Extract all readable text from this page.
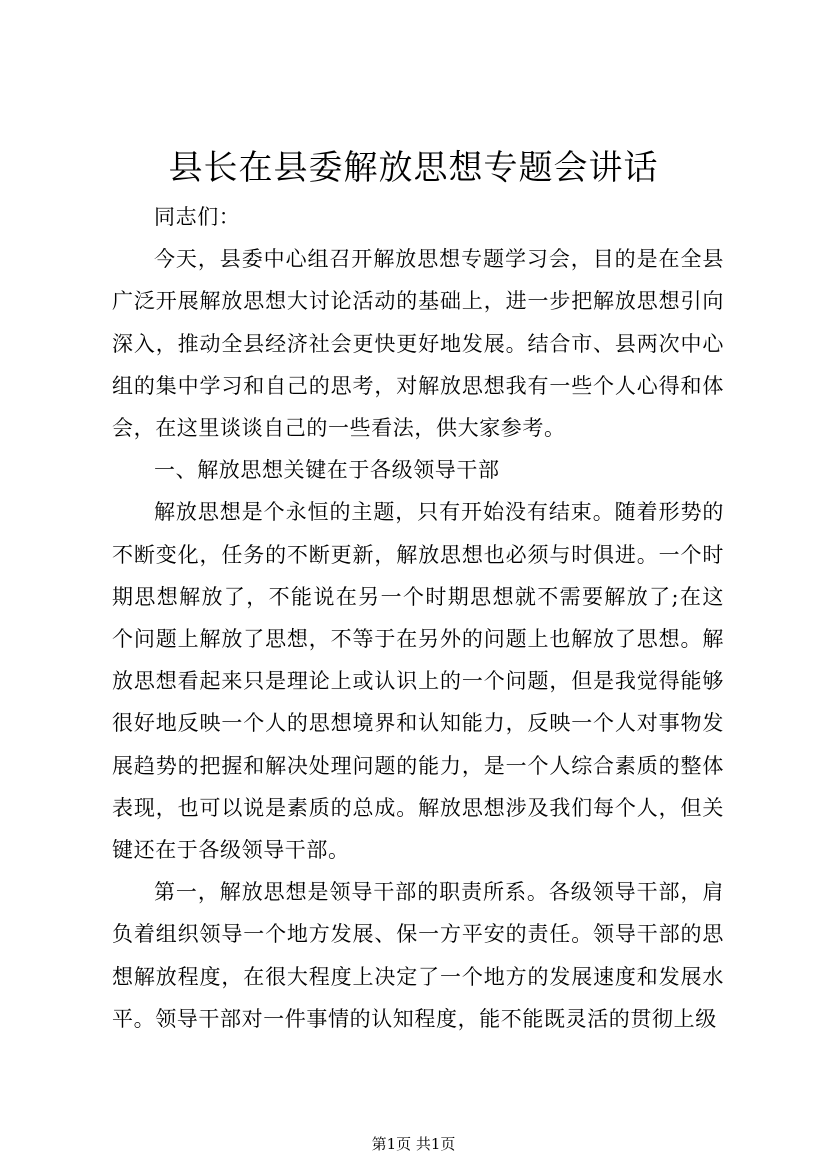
县长在县委解放思想专题会讲话

同志们：

今天，县委中心组召开解放思想专题学习会，目的是在全县广泛开展解放思想大讨论活动的基础上，进一步把解放思想引向深入，推动全县经济社会更快更好地发展。结合市、县两次中心组的集中学习和自己的思考，对解放思想我有一些个人心得和体会，在这里谈谈自己的一些看法，供大家参考。

一、解放思想关键在于各级领导干部

解放思想是个永恒的主题，只有开始没有结束。随着形势的不断变化，任务的不断更新，解放思想也必须与时俱进。一个时期思想解放了，不能说在另一个时期思想就不需要解放了;在这个问题上解放了思想，不等于在另外的问题上也解放了思想。解放思想看起来只是理论上或认识上的一个问题，但是我觉得能够很好地反映一个人的思想境界和认知能力，反映一个人对事物发展趋势的把握和解决处理问题的能力，是一个人综合素质的整体表现，也可以说是素质的总成。解放思想涉及我们每个人，但关键还在于各级领导干部。

第一，解放思想是领导干部的职责所系。各级领导干部，肩负着组织领导一个地方发展、保一方平安的责任。领导干部的思想解放程度，在很大程度上决定了一个地方的发展速度和发展水平。领导干部对一件事情的认知程度，能不能既灵活的贯彻上级

第1页 共1页
